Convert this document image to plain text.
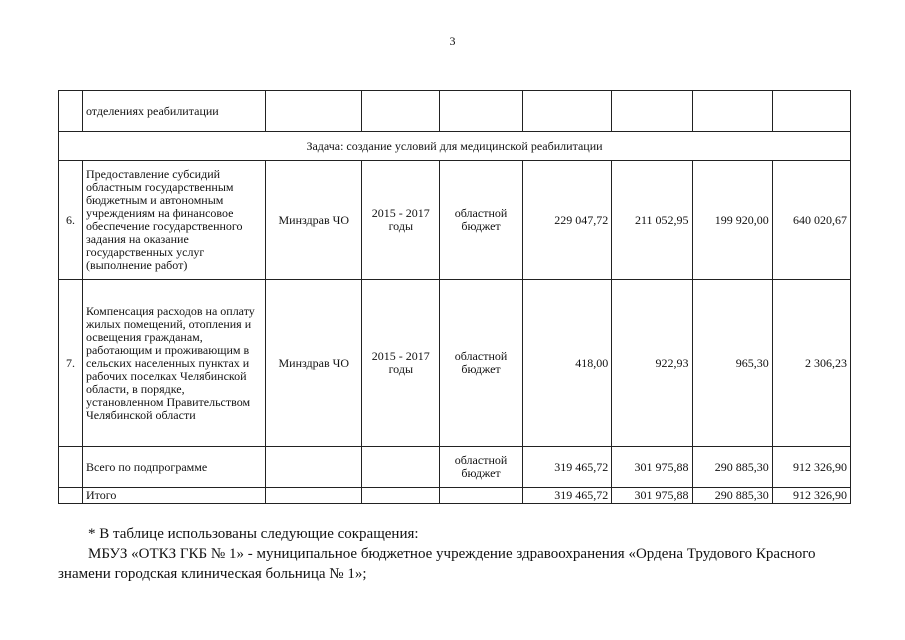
3
	отделениях реабилитации							
Задача: создание условий для медицинской реабилитации								
6.	Предоставление субсидий областным государственным бюджетным и автономным учреждениям на финансовое обеспечение государственного задания на оказание государственных услуг (выполнение работ)	Минздрав ЧО	2015 - 2017 годы	областной бюджет	229 047,72	211 052,95	199 920,00	640 020,67
7.	Компенсация расходов на оплату жилых помещений, отопления и освещения гражданам, работающим и проживающим в сельских населенных пунктах и рабочих поселках Челябинской области, в порядке, установленном Правительством Челябинской области	Минздрав ЧО	2015 - 2017 годы	областной бюджет	418,00	922,93	965,30	2 306,23
	Всего по подпрограмме			областной бюджет	319 465,72	301 975,88	290 885,30	912 326,90
	Итого				319 465,72	301 975,88	290 885,30	912 326,90
* В таблице использованы следующие сокращения:
МБУЗ «ОТКЗ ГКБ № 1» - муниципальное бюджетное учреждение здравоохранения «Ордена Трудового Красного
знамени городская клиническая больница № 1»;
